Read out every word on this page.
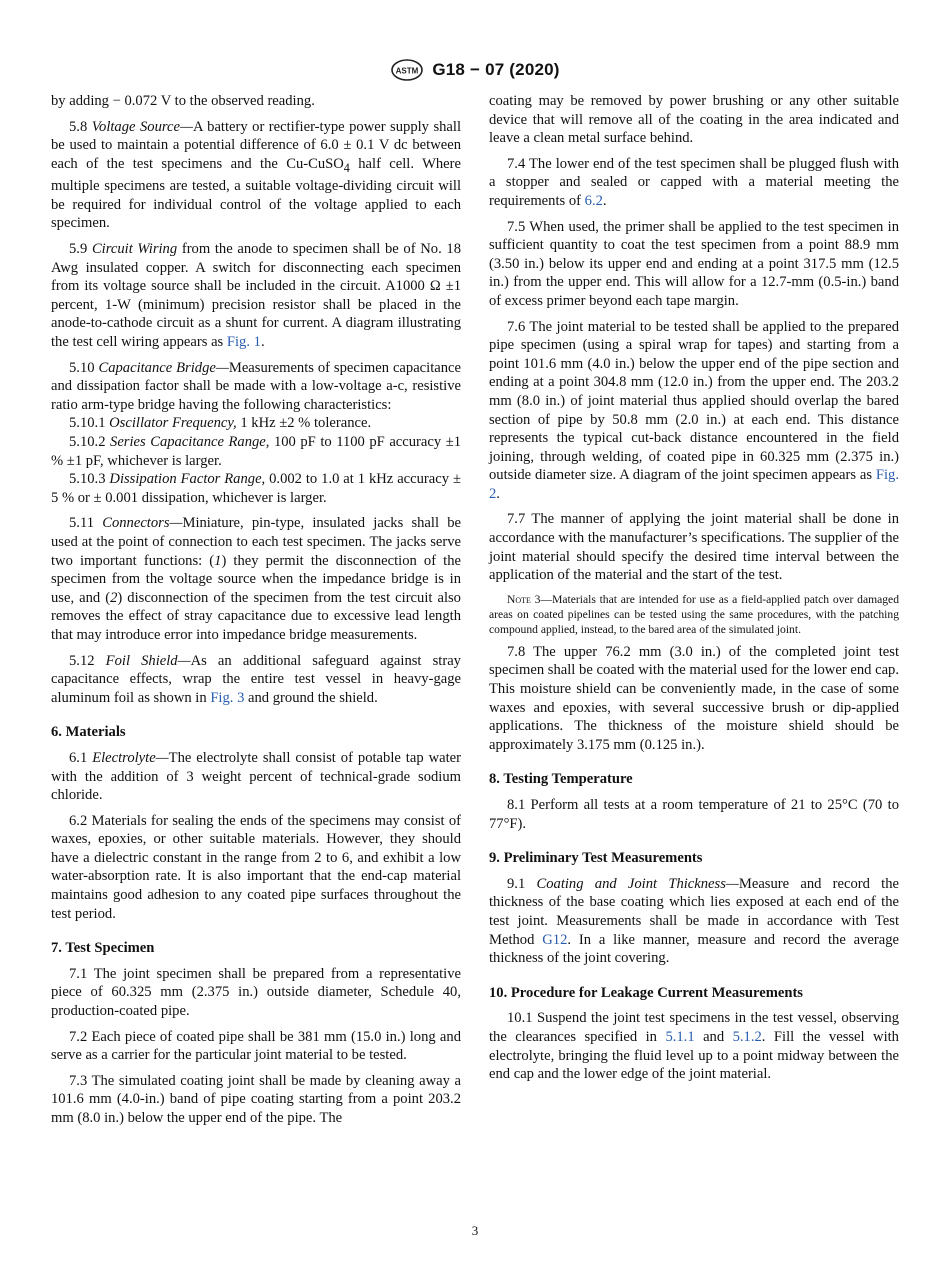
ASTM G18 − 07 (2020)

by adding − 0.072 V to the observed reading.

5.8 Voltage Source—A battery or rectifier-type power supply shall be used to maintain a potential difference of 6.0 ± 0.1 V dc between each of the test specimens and the Cu-CuSO$_4$ half cell. Where multiple specimens are tested, a suitable voltage-dividing circuit will be required for individual control of the voltage applied to each specimen.

5.9 Circuit Wiring from the anode to specimen shall be of No. 18 Awg insulated copper. A switch for disconnecting each specimen from its voltage source shall be included in the circuit. A1000 Ω ±1 percent, 1-W (minimum) precision resistor shall be placed in the anode-to-cathode circuit as a shunt for current. A diagram illustrating the test cell wiring appears as Fig. 1.

5.10 Capacitance Bridge—Measurements of specimen capacitance and dissipation factor shall be made with a low-voltage a-c, resistive ratio arm-type bridge having the following characteristics:

5.10.1 Oscillator Frequency, 1 kHz ±2 % tolerance.

5.10.2 Series Capacitance Range, 100 pF to 1100 pF accuracy ±1 % ±1 pF, whichever is larger.

5.10.3 Dissipation Factor Range, 0.002 to 1.0 at 1 kHz accuracy ± 5 % or ± 0.001 dissipation, whichever is larger.

5.11 Connectors—Miniature, pin-type, insulated jacks shall be used at the point of connection to each test specimen. The jacks serve two important functions: (1) they permit the disconnection of the specimen from the voltage source when the impedance bridge is in use, and (2) disconnection of the specimen from the test circuit also removes the effect of stray capacitance due to excessive lead length that may introduce error into impedance bridge measurements.

5.12 Foil Shield—As an additional safeguard against stray capacitance effects, wrap the entire test vessel in heavy-gage aluminum foil as shown in Fig. 3 and ground the shield.

6. Materials

6.1 Electrolyte—The electrolyte shall consist of potable tap water with the addition of 3 weight percent of technical-grade sodium chloride.

6.2 Materials for sealing the ends of the specimens may consist of waxes, epoxies, or other suitable materials. However, they should have a dielectric constant in the range from 2 to 6, and exhibit a low water-absorption rate. It is also important that the end-cap material maintains good adhesion to any coated pipe surfaces throughout the test period.

7. Test Specimen

7.1 The joint specimen shall be prepared from a representative piece of 60.325 mm (2.375 in.) outside diameter, Schedule 40, production-coated pipe.

7.2 Each piece of coated pipe shall be 381 mm (15.0 in.) long and serve as a carrier for the particular joint material to be tested.

7.3 The simulated coating joint shall be made by cleaning away a 101.6 mm (4.0-in.) band of pipe coating starting from a point 203.2 mm (8.0 in.) below the upper end of the pipe. The

coating may be removed by power brushing or any other suitable device that will remove all of the coating in the area indicated and leave a clean metal surface behind.

7.4 The lower end of the test specimen shall be plugged flush with a stopper and sealed or capped with a material meeting the requirements of 6.2.

7.5 When used, the primer shall be applied to the test specimen in sufficient quantity to coat the test specimen from a point 88.9 mm (3.50 in.) below its upper end and ending at a point 317.5 mm (12.5 in.) from the upper end. This will allow for a 12.7-mm (0.5-in.) band of excess primer beyond each tape margin.

7.6 The joint material to be tested shall be applied to the prepared pipe specimen (using a spiral wrap for tapes) and starting from a point 101.6 mm (4.0 in.) below the upper end of the pipe section and ending at a point 304.8 mm (12.0 in.) from the upper end. The 203.2 mm (8.0 in.) of joint material thus applied should overlap the bared section of pipe by 50.8 mm (2.0 in.) at each end. This distance represents the typical cut-back distance encountered in the field joining, through welding, of coated pipe in 60.325 mm (2.375 in.) outside diameter size. A diagram of the joint specimen appears as Fig. 2.

7.7 The manner of applying the joint material shall be done in accordance with the manufacturer’s specifications. The supplier of the joint material should specify the desired time interval between the application of the material and the start of the test.

Note 3—Materials that are intended for use as a field-applied patch over damaged areas on coated pipelines can be tested using the same procedures, with the patching compound applied, instead, to the bared area of the simulated joint.

7.8 The upper 76.2 mm (3.0 in.) of the completed joint test specimen shall be coated with the material used for the lower end cap. This moisture shield can be conveniently made, in the case of some waxes and epoxies, with several successive brush or dip-applied applications. The thickness of the moisture shield should be approximately 3.175 mm (0.125 in.).

8. Testing Temperature

8.1 Perform all tests at a room temperature of 21 to 25°C (70 to 77°F).

9. Preliminary Test Measurements

9.1 Coating and Joint Thickness—Measure and record the thickness of the base coating which lies exposed at each end of the test joint. Measurements shall be made in accordance with Test Method G12. In a like manner, measure and record the average thickness of the joint covering.

10. Procedure for Leakage Current Measurements

10.1 Suspend the joint test specimens in the test vessel, observing the clearances specified in 5.1.1 and 5.1.2. Fill the vessel with electrolyte, bringing the fluid level up to a point midway between the end cap and the lower edge of the joint material.

3
